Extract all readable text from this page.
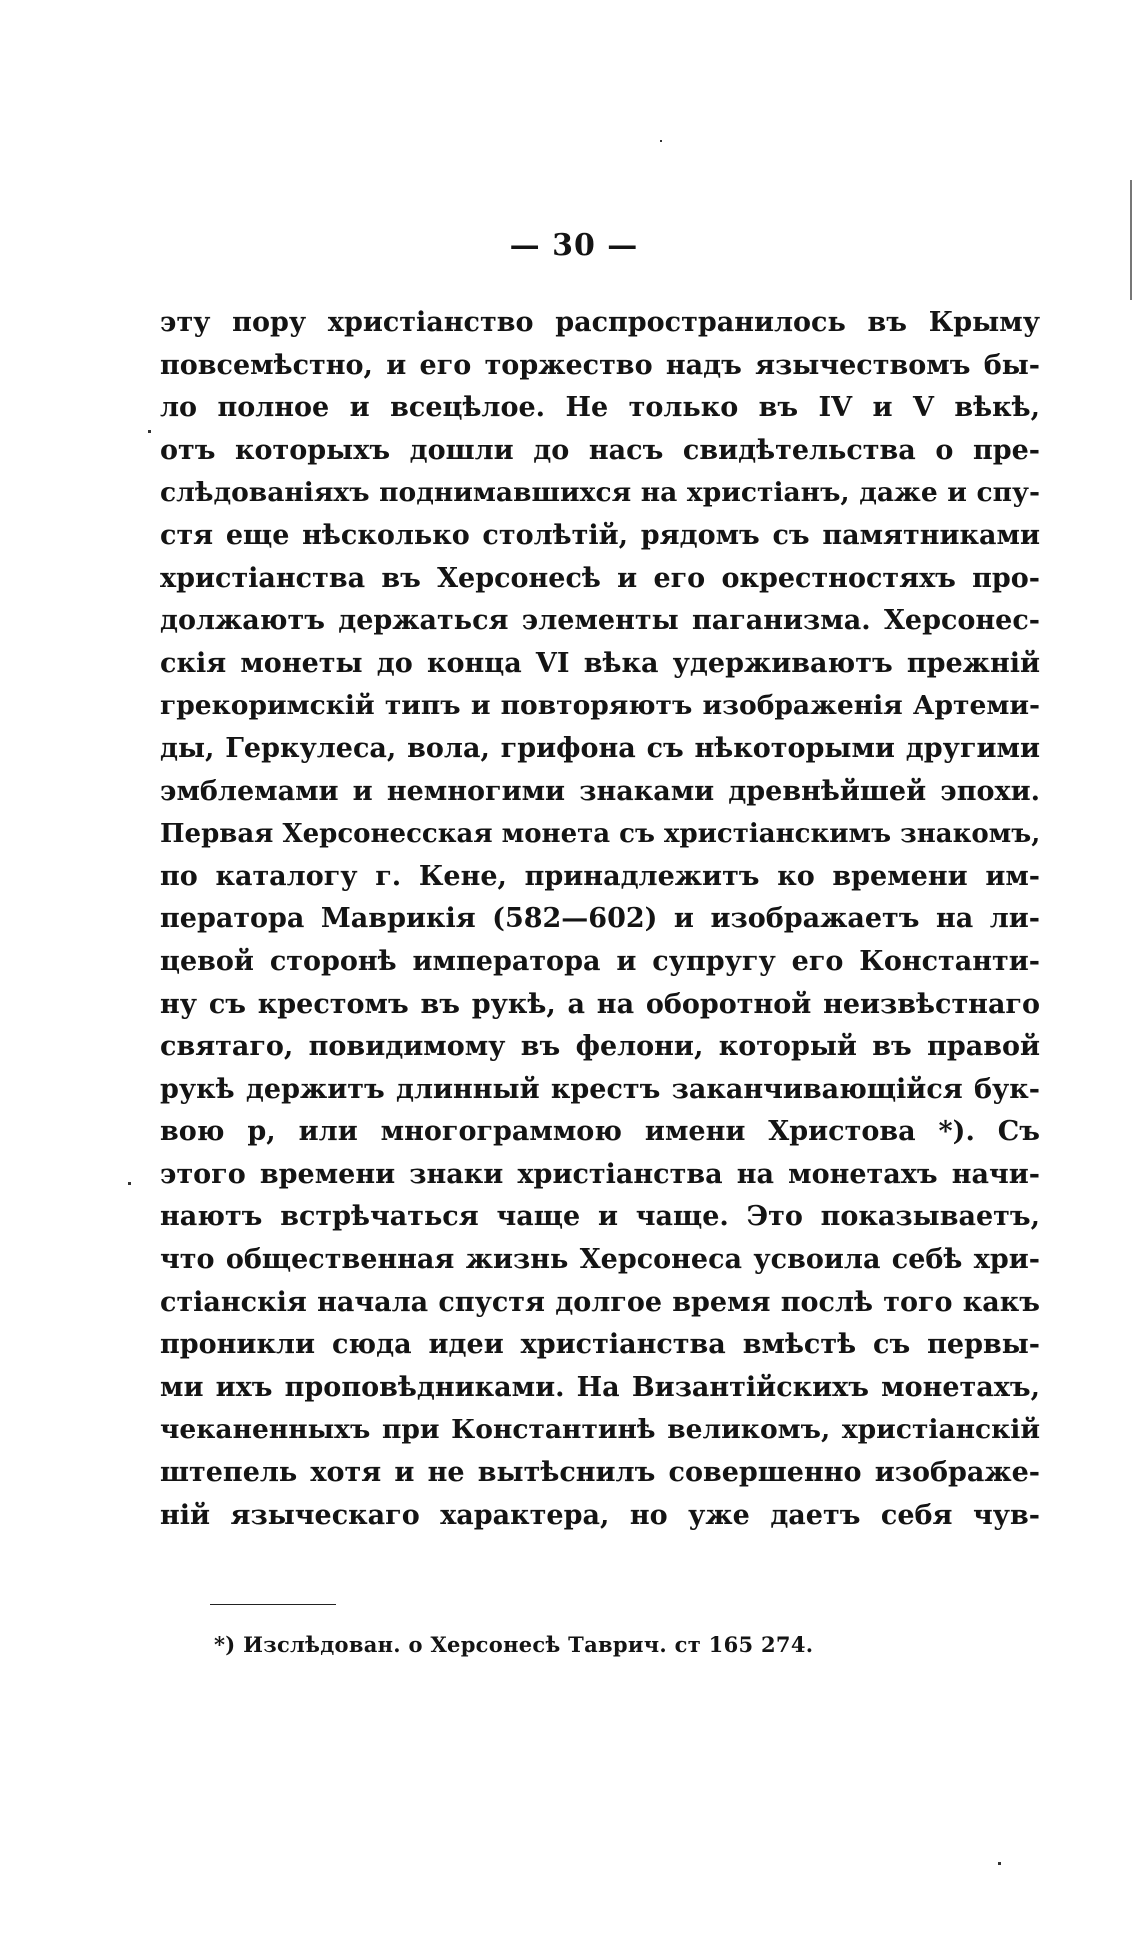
— 30 —
эту пору христіанство распространилось въ Крыму
повсемѣстно, и его торжество надъ язычествомъ бы-
ло полное и всецѣлое. Не только въ IV и V вѣкѣ,
отъ которыхъ дошли до насъ свидѣтельства о пре-
слѣдованіяхъ поднимавшихся на христіанъ, даже и спу-
стя еще нѣсколько столѣтій, рядомъ съ памятниками
христіанства въ Херсонесѣ и его окрестностяхъ про-
должаютъ держаться элементы паганизма. Херсонес-
скія монеты до конца VI вѣка удерживаютъ прежній
грекоримскій типъ и повторяютъ изображенія Артеми-
ды, Геркулеса, вола, грифона съ нѣкоторыми другими
эмблемами и немногими знаками древнѣйшей эпохи.
Первая Херсонесская монета съ христіанскимъ знакомъ,
по каталогу г. Кене, принадлежитъ ко времени им-
ператора Маврикія (582—602) и изображаетъ на ли-
цевой сторонѣ императора и супругу его Константи-
ну съ крестомъ въ рукѣ, а на оборотной неизвѣстнаго
святаго, повидимому въ фелони, который въ правой
рукѣ держитъ длинный крестъ заканчивающійся бук-
вою р, или многограммою имени Христова *). Съ
этого времени знаки христіанства на монетахъ начи-
наютъ встрѣчаться чаще и чаще. Это показываетъ,
что общественная жизнь Херсонеса усвоила себѣ хри-
стіанскія начала спустя долгое время послѣ того какъ
проникли сюда идеи христіанства вмѣстѣ съ первы-
ми ихъ проповѣдниками. На Византійскихъ монетахъ,
чеканенныхъ при Константинѣ великомъ, христіанскій
штепель хотя и не вытѣснилъ совершенно изображе-
ній языческаго характера, но уже даетъ себя чув-
*) Изслѣдован. о Херсонесѣ Таврич. ст 165 274.
